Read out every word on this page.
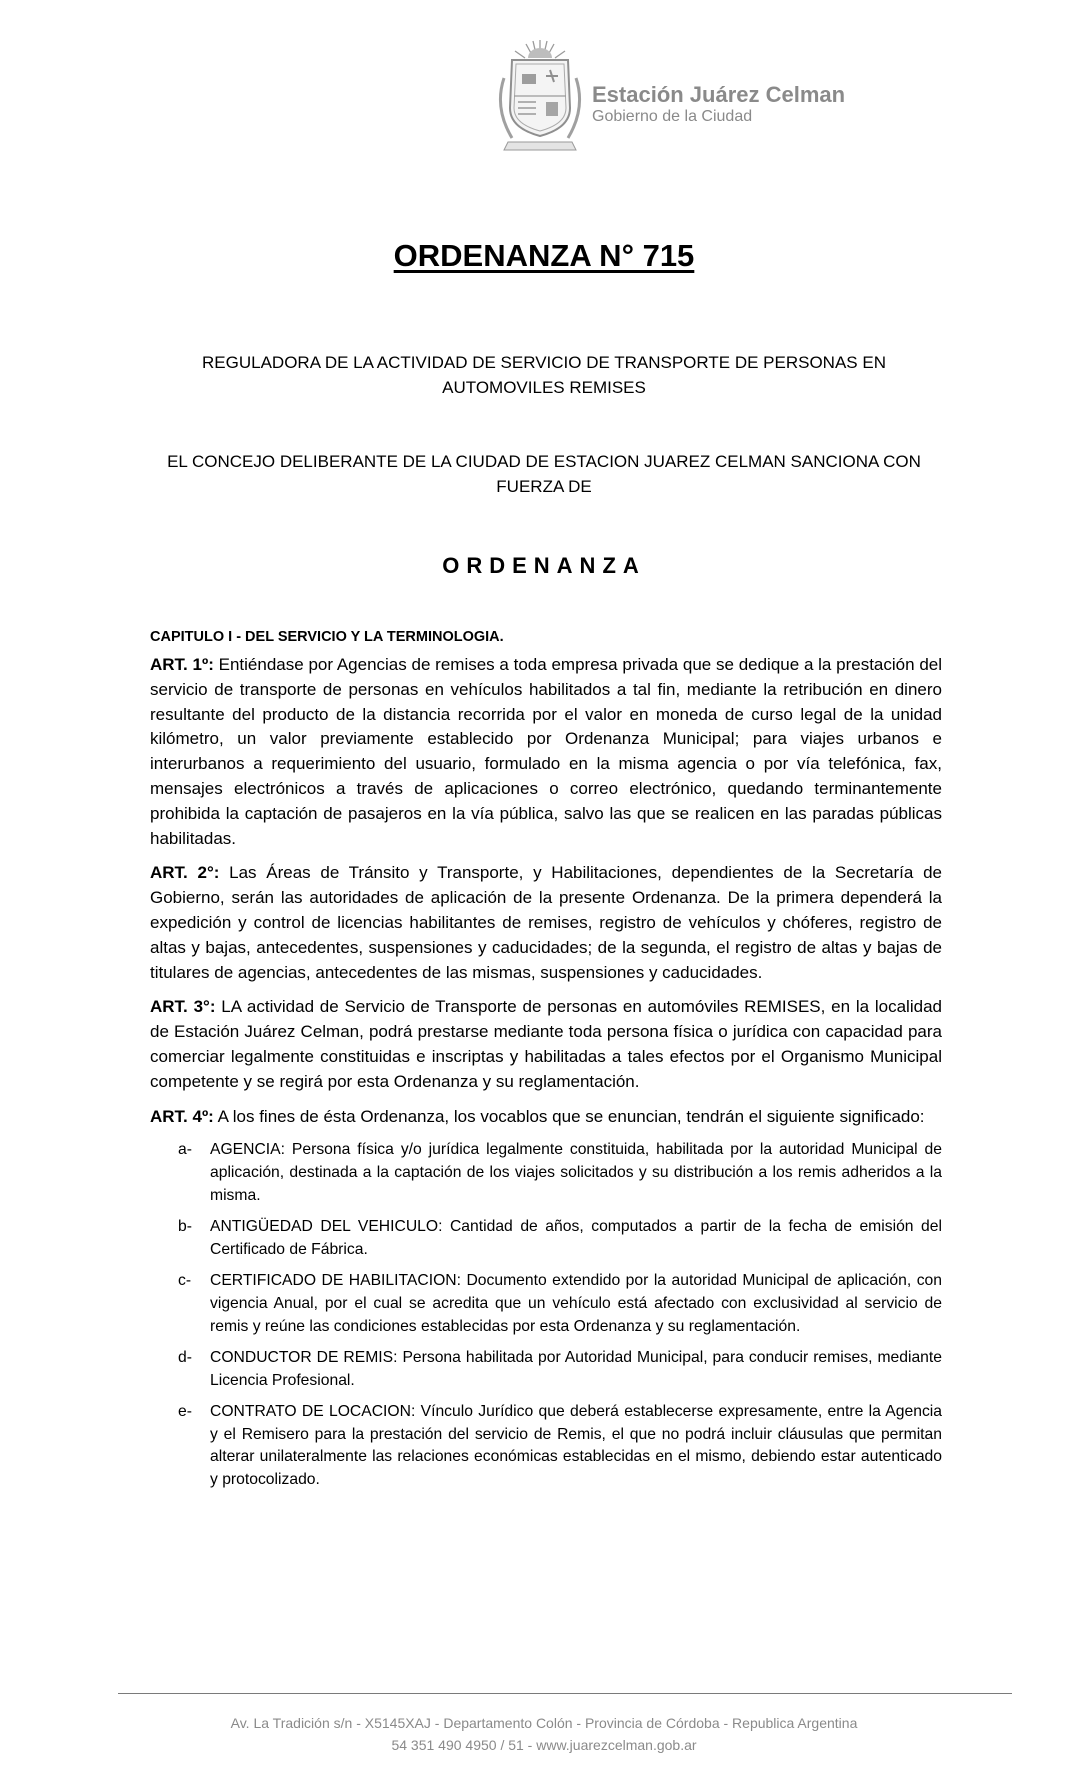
Estación Juárez Celman
Gobierno de la Ciudad
ORDENANZA N° 715
REGULADORA DE LA ACTIVIDAD DE SERVICIO DE TRANSPORTE DE PERSONAS EN AUTOMOVILES REMISES
EL CONCEJO DELIBERANTE DE LA CIUDAD DE ESTACION JUAREZ CELMAN SANCIONA CON FUERZA DE
ORDENANZA
CAPITULO I - DEL SERVICIO Y LA TERMINOLOGIA.

ART. 1º: Entiéndase por Agencias de remises a toda empresa privada que se dedique a la prestación del servicio de transporte de personas en vehículos habilitados a tal fin, mediante la retribución en dinero resultante del producto de la distancia recorrida por el valor en moneda de curso legal de la unidad kilómetro, un valor previamente establecido por Ordenanza Municipal; para viajes urbanos e interurbanos a requerimiento del usuario, formulado en la misma agencia o por vía telefónica, fax, mensajes electrónicos a través de aplicaciones o correo electrónico, quedando terminantemente prohibida la captación de pasajeros en la vía pública, salvo las que se realicen en las paradas públicas habilitadas.

ART. 2°: Las Áreas de Tránsito y Transporte, y Habilitaciones, dependientes de la Secretaría de Gobierno, serán las autoridades de aplicación de la presente Ordenanza. De la primera dependerá la expedición y control de licencias habilitantes de remises, registro de vehículos y chóferes, registro de altas y bajas, antecedentes, suspensiones y caducidades; de la segunda, el registro de altas y bajas de titulares de agencias, antecedentes de las mismas, suspensiones y caducidades.

ART. 3°: LA actividad de Servicio de Transporte de personas en automóviles REMISES, en la localidad de Estación Juárez Celman, podrá prestarse mediante toda persona física o jurídica con capacidad para comerciar legalmente constituidas e inscriptas y habilitadas a tales efectos por el Organismo Municipal competente y se regirá por esta Ordenanza y su reglamentación.

ART. 4º: A los fines de ésta Ordenanza, los vocablos que se enuncian, tendrán el siguiente significado:

a- AGENCIA: Persona física y/o jurídica legalmente constituida, habilitada por la autoridad Municipal de aplicación, destinada a la captación de los viajes solicitados y su distribución a los remis adheridos a la misma.
b- ANTIGÜEDAD DEL VEHICULO: Cantidad de años, computados a partir de la fecha de emisión del Certificado de Fábrica.
c- CERTIFICADO DE HABILITACION: Documento extendido por la autoridad Municipal de aplicación, con vigencia Anual, por el cual se acredita que un vehículo está afectado con exclusividad al servicio de remis y reúne las condiciones establecidas por esta Ordenanza y su reglamentación.
d- CONDUCTOR DE REMIS: Persona habilitada por Autoridad Municipal, para conducir remises, mediante Licencia Profesional.
e- CONTRATO DE LOCACION: Vínculo Jurídico que deberá establecerse expresamente, entre la Agencia y el Remisero para la prestación del servicio de Remis, el que no podrá incluir cláusulas que permitan alterar unilateralmente las relaciones económicas establecidas en el mismo, debiendo estar autenticado y protocolizado.
Av. La Tradición s/n - X5145XAJ - Departamento Colón - Provincia de Córdoba - Republica Argentina
54 351 490 4950 / 51 - www.juarezcelman.gob.ar
